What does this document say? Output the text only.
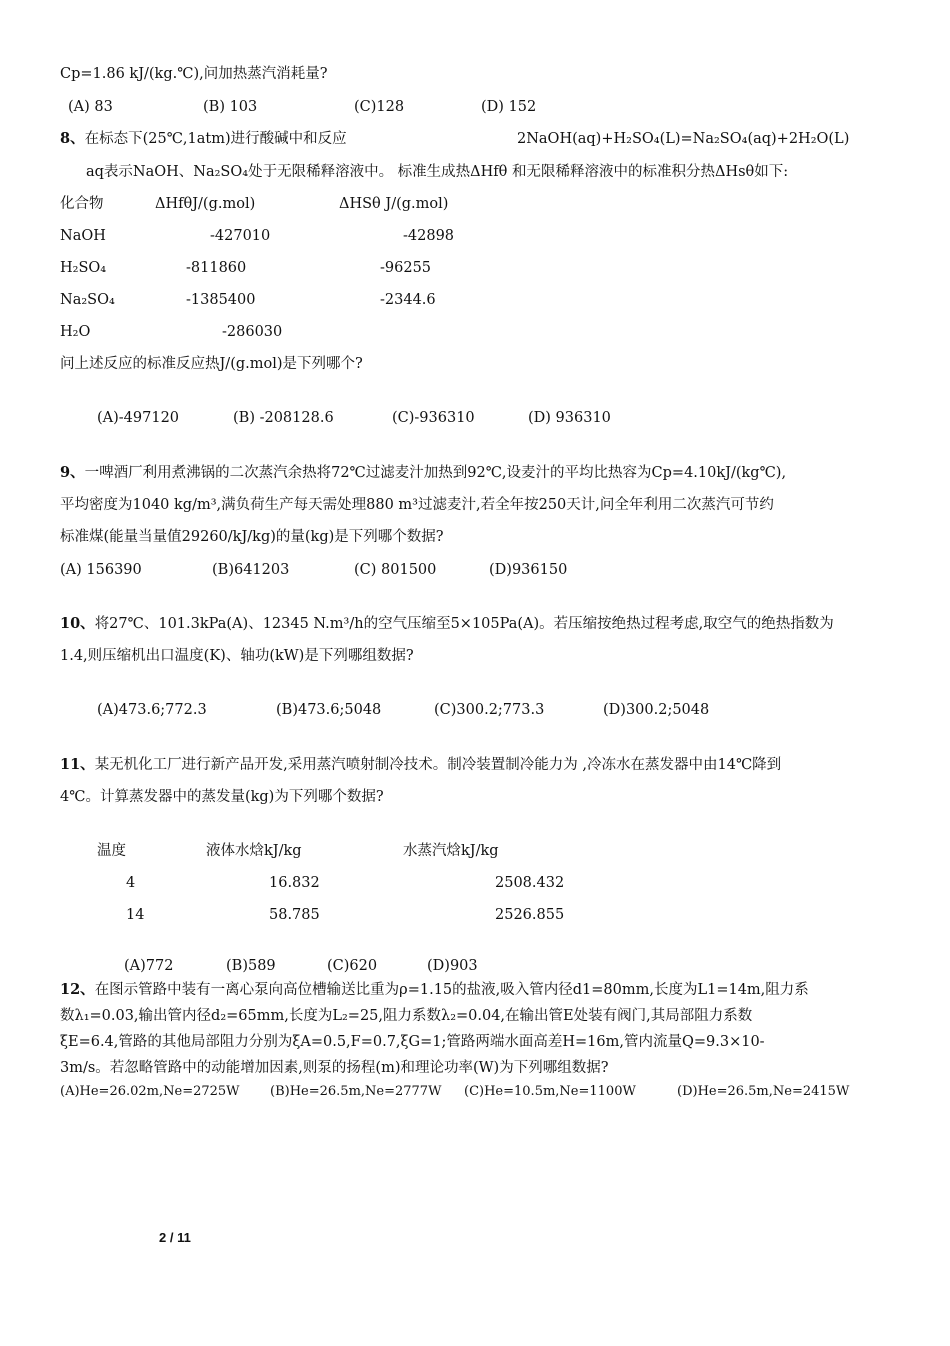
Cp=1.86 kJ/(kg.℃),问加热蒸汽消耗量?
(A) 83	(B) 103	(C)128	(D) 152
8、在标态下(25℃,1atm)进行酸碱中和反应	2NaOH(aq)+H₂SO₄(L)=Na₂SO₄(aq)+2H₂O(L)
aq表示NaOH、Na₂SO₄处于无限稀释溶液中。 标准生成热ΔHfθ 和无限稀释溶液中的标准积分热ΔHsθ如下:
化合物	ΔHfθJ/(g.mol)	ΔHSθ J/(g.mol)
NaOH	-427010	-42898
H₂SO₄	-811860	-96255
Na₂SO₄	-1385400	-2344.6
H₂O	-286030
问上述反应的标准反应热J/(g.mol)是下列哪个?
(A)-497120	(B) -208128.6	(C)-936310	(D) 936310
9、一啤酒厂利用煮沸锅的二次蒸汽余热将72℃过滤麦汁加热到92℃,设麦汁的平均比热容为Cp=4.10kJ/(kg℃),
平均密度为1040 kg/m³,满负荷生产每天需处理880 m³过滤麦汁,若全年按250天计,问全年利用二次蒸汽可节约
标准煤(能量当量值29260/kJ/kg)的量(kg)是下列哪个数据?
(A) 156390	(B)641203	(C) 801500	(D)936150
10、将27℃、101.3kPa(A)、12345 N.m³/h的空气压缩至5×105Pa(A)。若压缩按绝热过程考虑,取空气的绝热指数为
1.4,则压缩机出口温度(K)、轴功(kW)是下列哪组数据?
(A)473.6;772.3	(B)473.6;5048	(C)300.2;773.3	(D)300.2;5048
11、某无机化工厂进行新产品开发,采用蒸汽喷射制冷技术。制冷装置制冷能力为 ,冷冻水在蒸发器中由14℃降到
4℃。计算蒸发器中的蒸发量(kg)为下列哪个数据?
温度	液体水焓kJ/kg	水蒸汽焓kJ/kg
4	16.832	2508.432
14	58.785	2526.855
(A)772	(B)589	(C)620	(D)903
12、在图示管路中装有一离心泵向高位槽输送比重为ρ=1.15的盐液,吸入管内径d1=80mm,长度为L1=14m,阻力系
数λ₁=0.03,输出管内径d₂=65mm,长度为L₂=25,阻力系数λ₂=0.04,在输出管E处装有阀门,其局部阻力系数
ξE=6.4,管路的其他局部阻力分别为ξA=0.5,F=0.7,ξG=1;管路两端水面高差H=16m,管内流量Q=9.3×10-
3m/s。若忽略管路中的动能增加因素,则泵的扬程(m)和理论功率(W)为下列哪组数据?
(A)He=26.02m,Ne=2725W (B)He=26.5m,Ne=2777W (C)He=10.5m,Ne=1100W	(D)He=26.5m,Ne=2415W
2 / 11
